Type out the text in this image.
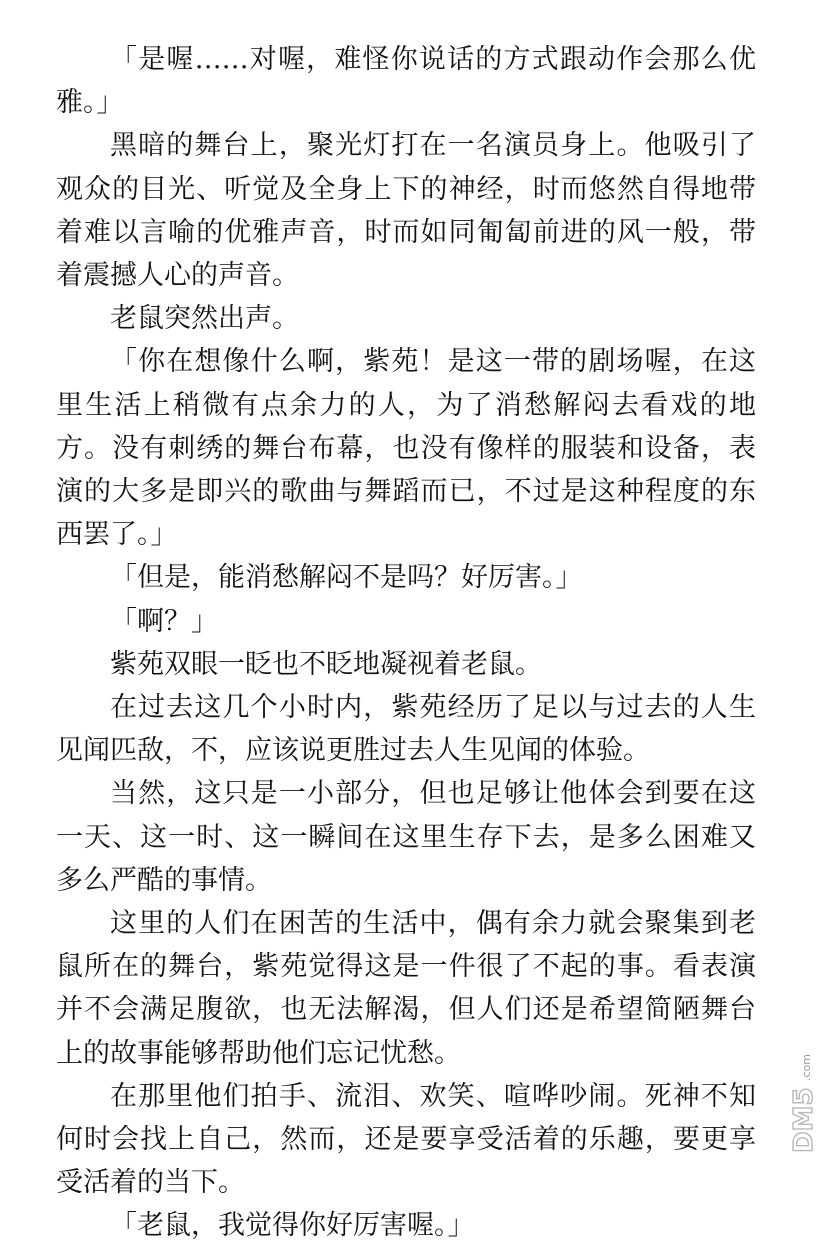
「是喔……对喔，难怪你说话的方式跟动作会那么优雅。」

黑暗的舞台上，聚光灯打在一名演员身上。他吸引了观众的目光、听觉及全身上下的神经，时而悠然自得地带着难以言喻的优雅声音，时而如同匍匐前进的风一般，带着震撼人心的声音。

老鼠突然出声。

「你在想像什么啊，紫苑！是这一带的剧场喔，在这里生活上稍微有点余力的人，为了消愁解闷去看戏的地方。没有刺绣的舞台布幕，也没有像样的服装和设备，表演的大多是即兴的歌曲与舞蹈而已，不过是这种程度的东西罢了。」

「但是，能消愁解闷不是吗？好厉害。」

「啊？」

紫苑双眼一眨也不眨地凝视着老鼠。

在过去这几个小时内，紫苑经历了足以与过去的人生见闻匹敌，不，应该说更胜过去人生见闻的体验。

当然，这只是一小部分，但也足够让他体会到要在这一天、这一时、这一瞬间在这里生存下去，是多么困难又多么严酷的事情。

这里的人们在困苦的生活中，偶有余力就会聚集到老鼠所在的舞台，紫苑觉得这是一件很了不起的事。看表演并不会满足腹欲，也无法解渴，但人们还是希望简陋舞台上的故事能够帮助他们忘记忧愁。

在那里他们拍手、流泪、欢笑、喧哗吵闹。死神不知何时会找上自己，然而，还是要享受活着的乐趣，要更享受活着的当下。

「老鼠，我觉得你好厉害喔。」

DM5
.com
